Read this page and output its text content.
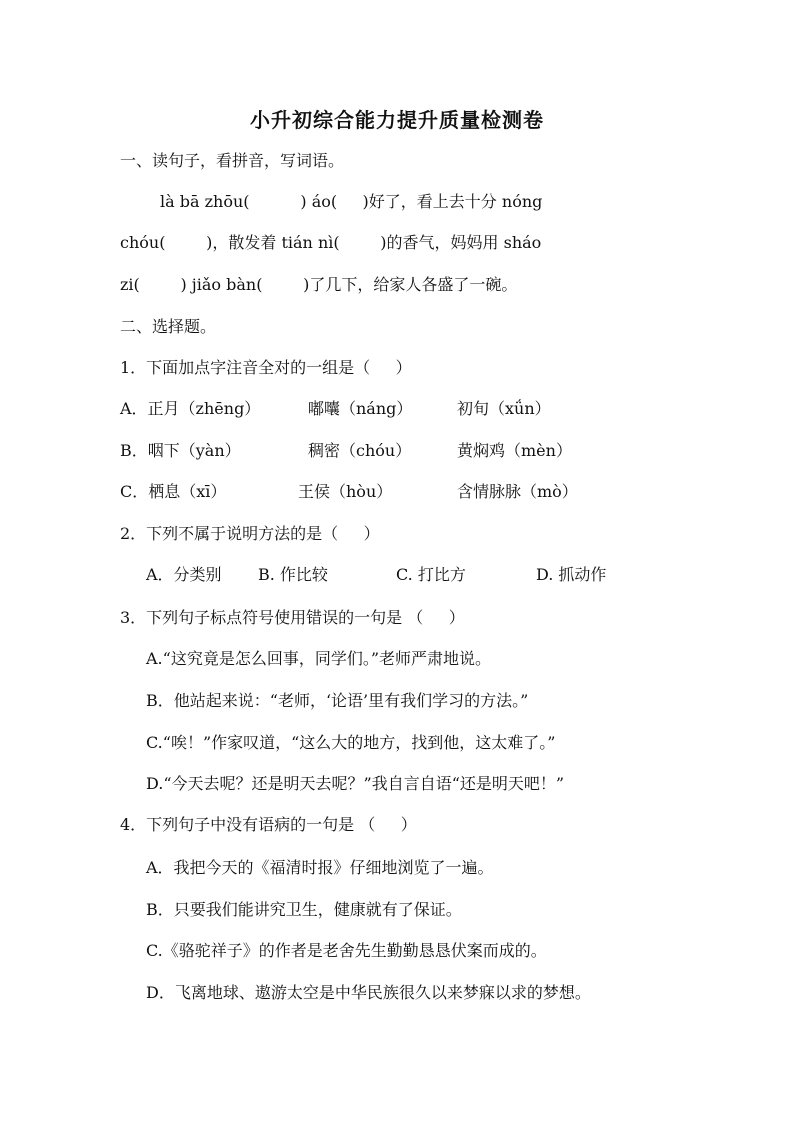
小升初综合能力提升质量检测卷
一、读句子，看拼音，写词语。
là bā zhōu(          ) áo(     )好了，看上去十分 nóng
chóu(        )，散发着 tián nì(        )的香气，妈妈用 sháo
zi(        ) jiǎo bàn(        )了几下，给家人各盛了一碗。
二、选择题。
1．下面加点字注音全对的一组是（     ）
A．正月（zhēng）	嘟囔（náng）	初旬（xǘn）
B．咽下（yàn）	稠密（chóu）	黄焖鸡（mèn）
C．栖息（xī）	王侯（hòu）	含情脉脉（mò）
2．下列不属于说明方法的是（     ）
A．分类别 B. 作比较	C. 打比方	D. 抓动作
3．下列句子标点符号使用错误的一句是 （     ）
A.“这究竟是怎么回事，同学们。”老师严肃地说。
B．他站起来说：“老师，‘论语’里有我们学习的方法。”
C.“唉！”作家叹道，“这么大的地方，找到他，这太难了。”
D.“今天去呢？还是明天去呢？”我自言自语“还是明天吧！”
4．下列句子中没有语病的一句是 （     ）
A．我把今天的《福清时报》仔细地浏览了一遍。
B．只要我们能讲究卫生，健康就有了保证。
C.《骆驼祥子》的作者是老舍先生勤勤恳恳伏案而成的。
D．飞离地球、遨游太空是中华民族很久以来梦寐以求的梦想。
